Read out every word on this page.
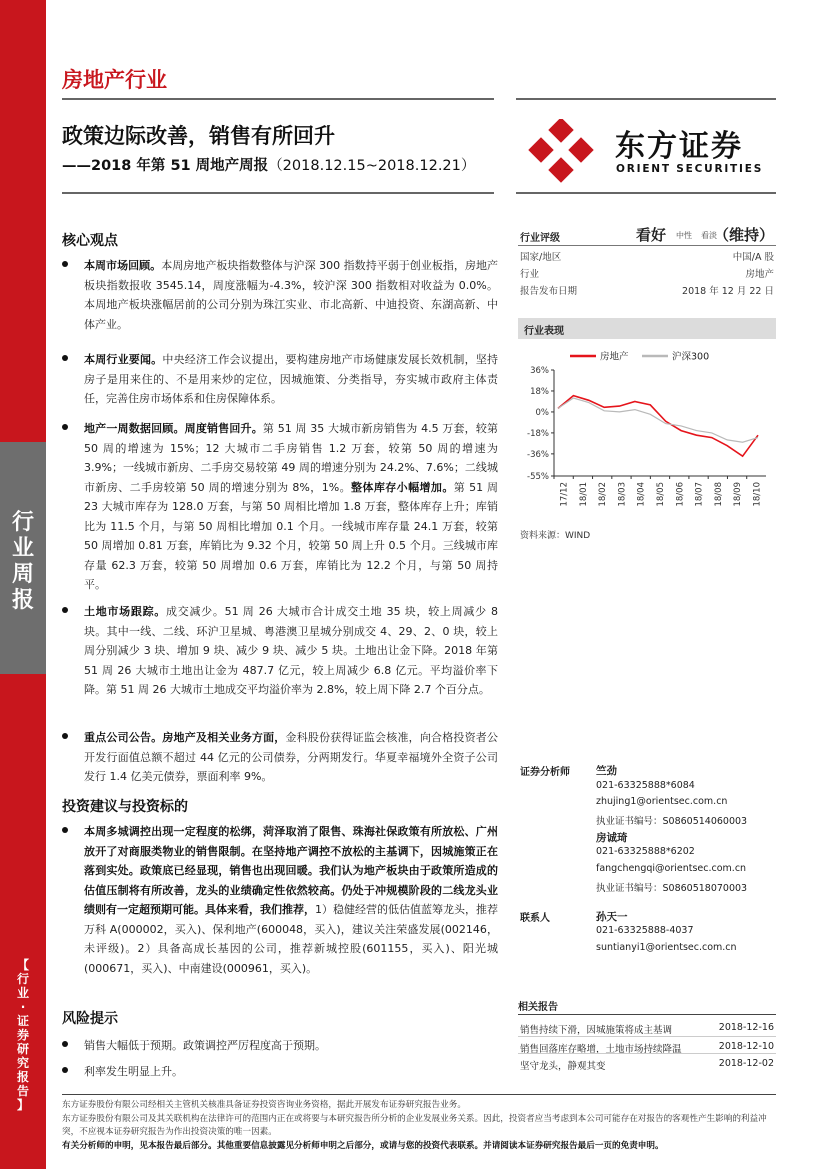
行
业
周
报
【
行
业
·
证
券
研
究
报
告
】
房地产行业
政策边际改善，销售有所回升
——2018 年第 51 周地产周报（2018.12.15~2018.12.21）
东方证券
ORIENT SECURITIES
核心观点

本周市场回顾。本周房地产板块指数整体与沪深 300 指数持平弱于创业板指，房地产板块指数报收 3545.14，周度涨幅为-4.3%，较沪深 300 指数相对收益为 0.0%。本周地产板块涨幅居前的公司分别为珠江实业、市北高新、中迪投资、东湖高新、中体产业。

本周行业要闻。中央经济工作会议提出，要构建房地产市场健康发展长效机制，坚持房子是用来住的、不是用来炒的定位，因城施策、分类指导，夯实城市政府主体责任，完善住房市场体系和住房保障体系。

地产一周数据回顾。周度销售回升。第 51 周 35 大城市新房销售为 4.5 万套，较第 50 周的增速为 15%；12 大城市二手房销售 1.2 万套，较第 50 周的增速为 3.9%；一线城市新房、二手房交易较第 49 周的增速分别为 24.2%、7.6%；二线城市新房、二手房较第 50 周的增速分别为 8%，1%。整体库存小幅增加。第 51 周 23 大城市库存为 128.0 万套，与第 50 周相比增加 1.8 万套，整体库存上升；库销比为 11.5 个月，与第 50 周相比增加 0.1 个月。一线城市库存量 24.1 万套，较第 50 周增加 0.81 万套，库销比为 9.32 个月，较第 50 周上升 0.5 个月。三线城市库存量 62.3 万套，较第 50 周增加 0.6 万套，库销比为 12.2 个月，与第 50 周持平。

土地市场跟踪。成交减少。51 周 26 大城市合计成交土地 35 块，较上周减少 8 块。其中一线、二线、环沪卫星城、粤港澳卫星城分别成交 4、29、2、0 块，较上周分别减少 3 块、增加 9 块、减少 9 块、减少 5 块。土地出让金下降。2018 年第 51 周 26 大城市土地出让金为 487.7 亿元，较上周减少 6.8 亿元。平均溢价率下降。第 51 周 26 大城市土地成交平均溢价率为 2.8%，较上周下降 2.7 个百分点。

重点公司公告。房地产及相关业务方面，金科股份获得证监会核准，向合格投资者公开发行面值总额不超过 44 亿元的公司债券，分两期发行。华夏幸福境外全资子公司发行 1.4 亿美元债券，票面利率 9%。

投资建议与投资标的

本周多城调控出现一定程度的松绑，菏泽取消了限售、珠海社保政策有所放松、广州放开了对商服类物业的销售限制。在坚持地产调控不放松的主基调下，因城施策正在落到实处。政策底已经显现，销售也出现回暖。我们认为地产板块由于政策所造成的估值压制将有所改善，龙头的业绩确定性依然较高。仍处于冲规模阶段的二线龙头业绩则有一定超预期可能。具体来看，我们推荐，1）稳健经营的低估值蓝筹龙头，推荐万科 A(000002，买入)、保利地产(600048，买入)，建议关注荣盛发展(002146，未评级)。2）具备高成长基因的公司，推荐新城控股(601155，买入)、阳光城(000671，买入)、中南建设(000961，买入)。

风险提示

销售大幅低于预期。政策调控严厉程度高于预期。

利率发生明显上升。

行业评级	看好 中性 看淡
（维持）
国家/地区	中国/A 股
行业	房地产
报告发布日期	2018 年 12 月 22 日
行业表现
36%
18%
0%
-18%
-36%
-55%
17/12 18/01 18/02 18/03 18/04 18/05 18/06 18/07 18/08 18/09 18/10
房地产	沪深300
资料来源：WIND
证券分析师 竺劲
021-63325888*6084
zhujing1@orientsec.com.cn
执业证书编号：S0860514060003
房诚琦
021-63325888*6202
fangchengqi@orientsec.com.cn
执业证书编号：S0860518070003
联系人	孙天一
021-63325888-4037
suntianyi1@orientsec.com.cn
相关报告
销售持续下滑，因城施策将成主基调	2018-12-16
销售回落库存略增，土地市场持续降温	2018-12-10
坚守龙头，静观其变	2018-12-02
东方证券股份有限公司经相关主管机关核准具备证券投资咨询业务资格，据此开展发布证券研究报告业务。
东方证券股份有限公司及其关联机构在法律许可的范围内正在或将要与本研究报告所分析的企业发展业务关系。因此，投资者应当考虑到本公司可能存在对报告的客观性产生影响的利益冲突，不应视本证券研究报告为作出投资决策的唯一因素。
有关分析师的申明，见本报告最后部分。其他重要信息披露见分析师申明之后部分，或请与您的投资代表联系。并请阅读本证券研究报告最后一页的免责申明。
